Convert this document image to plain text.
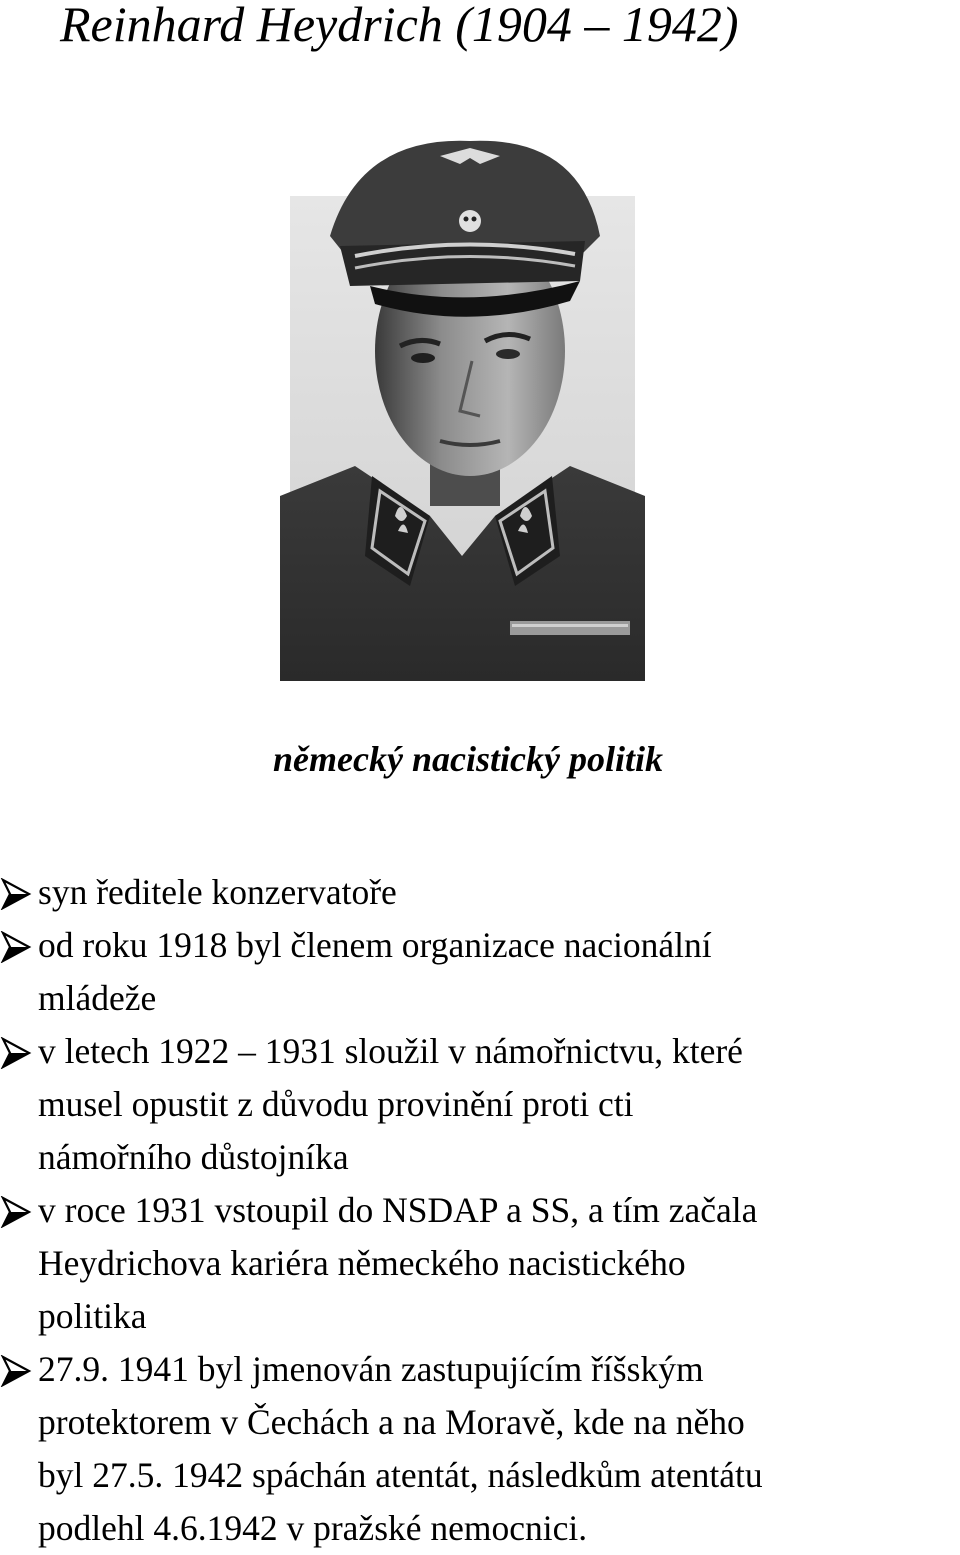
Reinhard Heydrich (1904 – 1942)
německý nacistický politik
syn ředitele konzervatoře
od roku 1918 byl členem organizace nacionální
mládeže
v letech 1922 – 1931 sloužil v námořnictvu, které
musel opustit z důvodu provinění proti cti
námořního důstojníka
v roce 1931 vstoupil do NSDAP a SS, a tím začala
Heydrichova kariéra německého nacistického
politika
27.9. 1941 byl jmenován zastupujícím říšským
protektorem v Čechách a na Moravě, kde na něho
byl 27.5. 1942 spáchán atentát, následkům atentátu
podlehl 4.6.1942 v pražské nemocnici.
